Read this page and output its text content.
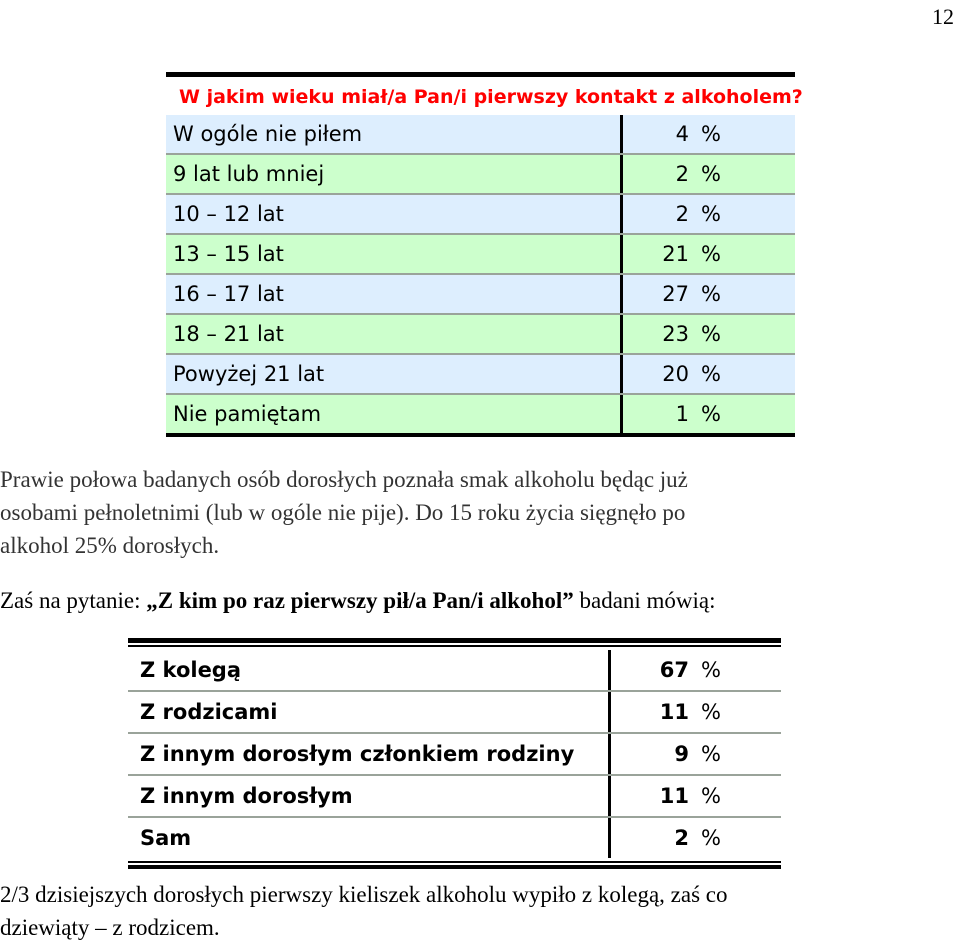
12
W jakim wieku miał/a Pan/i pierwszy kontakt z alkoholem?
W ogóle nie piłem	4 %
9 lat lub mniej	2 %
10 – 12 lat	2 %
13 – 15 lat	21 %
16 – 17 lat	27 %
18 – 21 lat	23 %
Powyżej 21 lat	20 %
Nie pamiętam	1 %
Prawie połowa badanych osób dorosłych poznała smak alkoholu będąc już
osobami pełnoletnimi (lub w ogóle nie pije). Do 15 roku życia sięgnęło po
alkohol 25% dorosłych.
Zaś na pytanie: „Z kim po raz pierwszy pił/a Pan/i alkohol” badani mówią:
Z kolegą	67 %
Z rodzicami	11 %
Z innym dorosłym członkiem rodziny	9 %
Z innym dorosłym	11 %
Sam	2 %
2/3 dzisiejszych dorosłych pierwszy kieliszek alkoholu wypiło z kolegą, zaś co
dziewiąty – z rodzicem.
